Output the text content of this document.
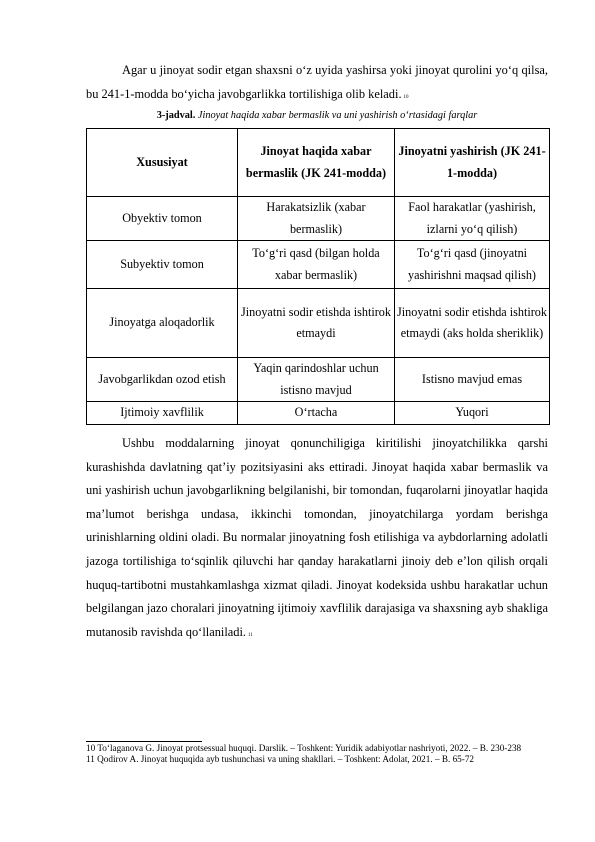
Agar u jinoyat sodir etgan shaxsni oʻz uyida yashirsa yoki jinoyat qurolini yoʻq qilsa, bu 241-1-modda boʻyicha javobgarlikka tortilishiga olib keladi. $^{10}$

3-jadval. Jinoyat haqida xabar bermaslik va uni yashirish oʻrtasidagi farqlar
Xususiyat	Jinoyat haqida xabar bermaslik (JK 241-modda)	Jinoyatni yashirish (JK 241-1-modda)
Obyektiv tomon	Harakatsizlik (xabar bermaslik)	Faol harakatlar (yashirish, izlarni yoʻq qilish)
Subyektiv tomon	Toʻgʻri qasd (bilgan holda xabar bermaslik)	Toʻgʻri qasd (jinoyatni yashirishni maqsad qilish)
Jinoyatga aloqadorlik	Jinoyatni sodir etishda ishtirok etmaydi	Jinoyatni sodir etishda ishtirok etmaydi (aks holda sheriklik)
Javobgarlikdan ozod etish	Yaqin qarindoshlar uchun istisno mavjud	Istisno mavjud emas
Ijtimoiy xavflilik	Oʻrtacha	Yuqori

Ushbu moddalarning jinoyat qonunchiligiga kiritilishi jinoyatchilikka qarshi kurashishda davlatning qatʼiy pozitsiyasini aks ettiradi. Jinoyat haqida xabar bermaslik va uni yashirish uchun javobgarlikning belgilanishi, bir tomondan, fuqarolarni jinoyatlar haqida maʼlumot berishga undasa, ikkinchi tomondan, jinoyatchilarga yordam berishga urinishlarning oldini oladi. Bu normalar jinoyatning fosh etilishiga va aybdorlarning adolatli jazoga tortilishiga toʻsqinlik qiluvchi har qanday harakatlarni jinoiy deb eʼlon qilish orqali huquq-tartibotni mustahkamlashga xizmat qiladi. Jinoyat kodeksida ushbu harakatlar uchun belgilangan jazo choralari jinoyatning ijtimoiy xavflilik darajasiga va shaxsning ayb shakliga mutanosib ravishda qoʻllaniladi. $^{11}$

10 Toʻlaganova G. Jinoyat protsessual huquqi. Darslik. – Toshkent: Yuridik adabiyotlar nashriyoti, 2022. – B. 230-238

11 Qodirov A. Jinoyat huquqida ayb tushunchasi va uning shakllari. – Toshkent: Adolat, 2021. – B. 65-72
